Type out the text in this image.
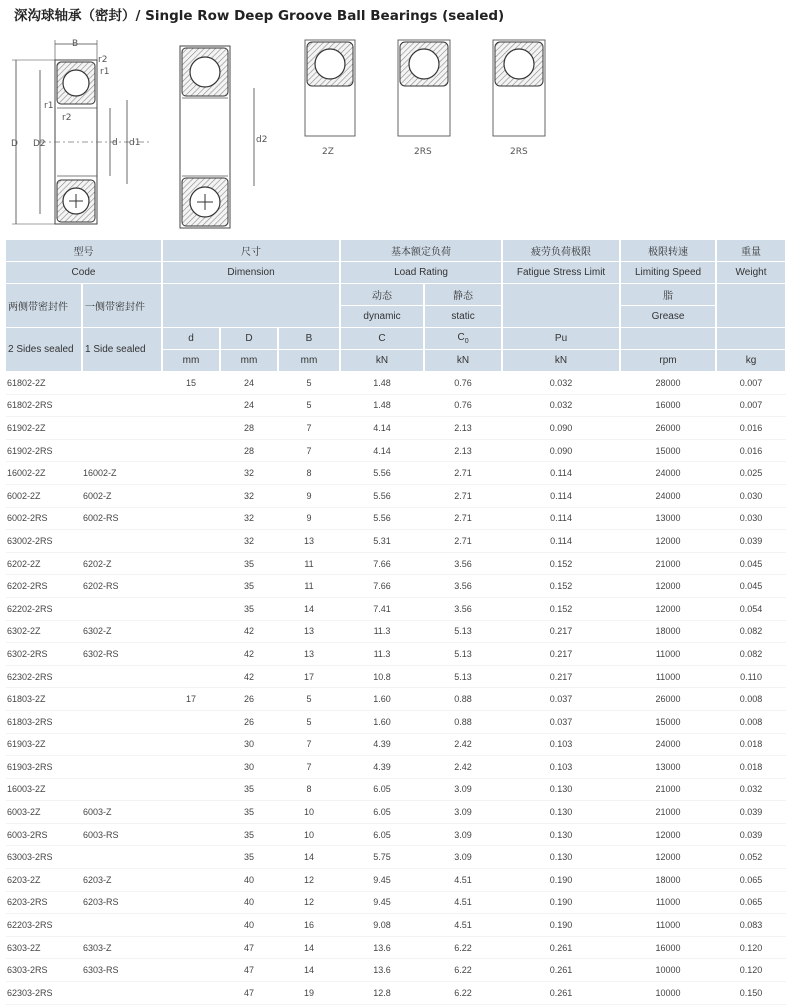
深沟球轴承（密封）/ Single Row Deep Groove Ball Bearings (sealed)
B
D D2	d d1
r2
r1
r1
r2
d2
2Z	2RS	2RS
型号		尺寸			基本额定负荷		疲劳负荷极限	极限转速	重量
Code		Dimension			Load Rating		Fatigue Stress Limit	Limiting Speed	Weight
两侧带密封件	一侧带密封件				动态	静态		脂	
					dynamic	static		Grease	
2 Sides sealed	1 Side sealed	d	D	B	C	$C_0$	Pu		
		mm	mm	mm	kN	kN	kN	rpm	kg
61802-2Z		15	24	5	1.48	0.76	0.032	28000	0.007
61802-2RS			24	5	1.48	0.76	0.032	16000	0.007
61902-2Z			28	7	4.14	2.13	0.090	26000	0.016
61902-2RS			28	7	4.14	2.13	0.090	15000	0.016
16002-2Z	16002-Z		32	8	5.56	2.71	0.114	24000	0.025
6002-2Z	6002-Z		32	9	5.56	2.71	0.114	24000	0.030
6002-2RS	6002-RS		32	9	5.56	2.71	0.114	13000	0.030
63002-2RS			32	13	5.31	2.71	0.114	12000	0.039
6202-2Z	6202-Z		35	11	7.66	3.56	0.152	21000	0.045
6202-2RS	6202-RS		35	11	7.66	3.56	0.152	12000	0.045
62202-2RS			35	14	7.41	3.56	0.152	12000	0.054
6302-2Z	6302-Z		42	13	11.3	5.13	0.217	18000	0.082
6302-2RS	6302-RS		42	13	11.3	5.13	0.217	11000	0.082
62302-2RS			42	17	10.8	5.13	0.217	11000	0.110
61803-2Z		17	26	5	1.60	0.88	0.037	26000	0.008
61803-2RS			26	5	1.60	0.88	0.037	15000	0.008
61903-2Z			30	7	4.39	2.42	0.103	24000	0.018
61903-2RS			30	7	4.39	2.42	0.103	13000	0.018
16003-2Z			35	8	6.05	3.09	0.130	21000	0.032
6003-2Z	6003-Z		35	10	6.05	3.09	0.130	21000	0.039
6003-2RS	6003-RS		35	10	6.05	3.09	0.130	12000	0.039
63003-2RS			35	14	5.75	3.09	0.130	12000	0.052
6203-2Z	6203-Z		40	12	9.45	4.51	0.190	18000	0.065
6203-2RS	6203-RS		40	12	9.45	4.51	0.190	11000	0.065
62203-2RS			40	16	9.08	4.51	0.190	11000	0.083
6303-2Z	6303-Z		47	14	13.6	6.22	0.261	16000	0.120
6303-2RS	6303-RS		47	14	13.6	6.22	0.261	10000	0.120
62303-2RS			47	19	12.8	6.22	0.261	10000	0.150
